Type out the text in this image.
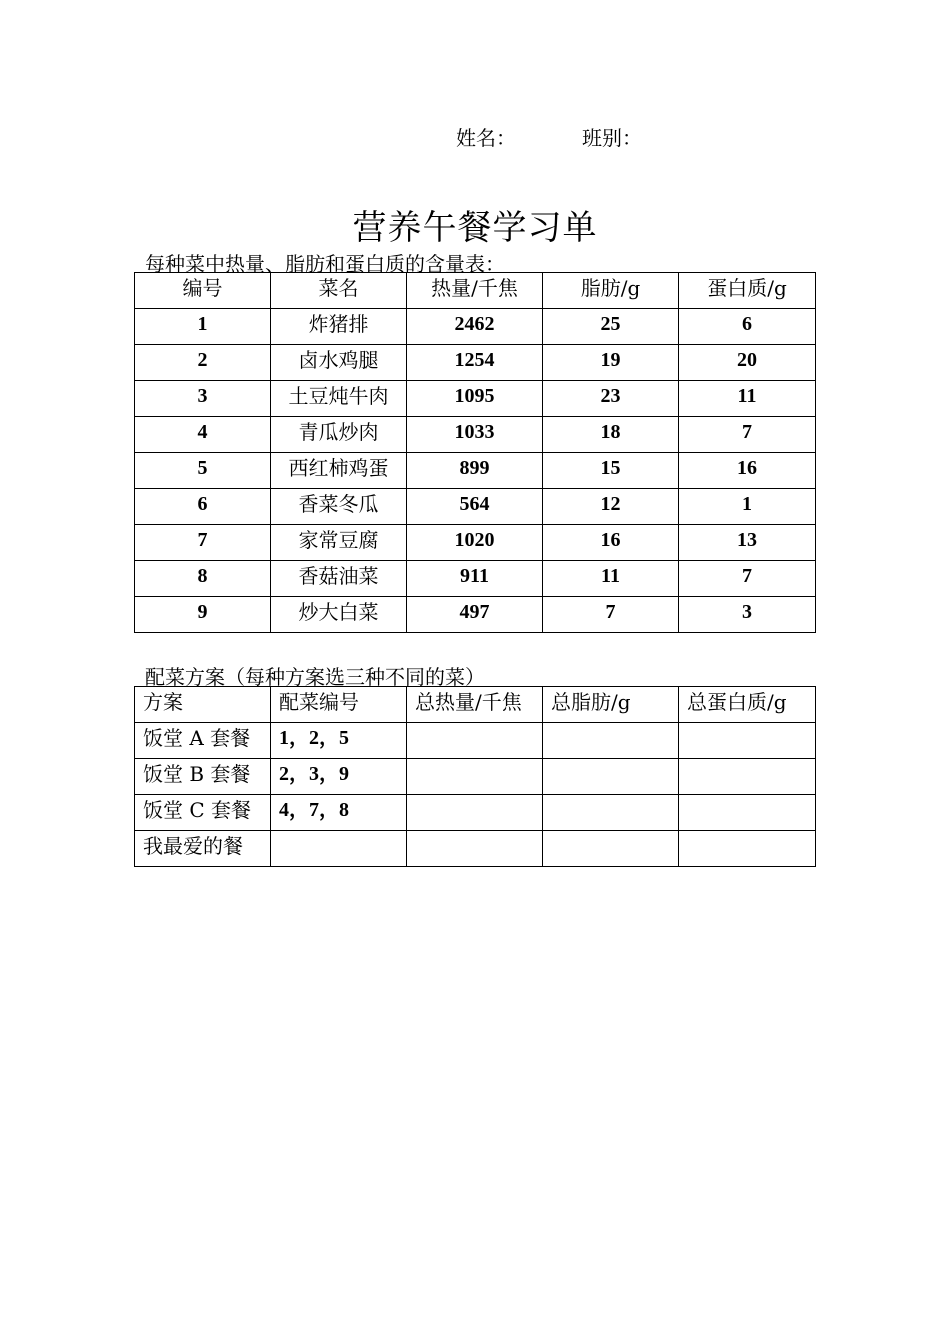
姓名：	班别：
营养午餐学习单
每种菜中热量、脂肪和蛋白质的含量表：
编号	菜名	热量/千焦	脂肪/g	蛋白质/g
1	炸猪排	2462	25	6
2	卤水鸡腿	1254	19	20
3	土豆炖牛肉	1095	23	11
4	青瓜炒肉	1033	18	7
5	西红柿鸡蛋	899	15	16
6	香菜冬瓜	564	12	1
7	家常豆腐	1020	16	13
8	香菇油菜	911	11	7
9	炒大白菜	497	7	3
配菜方案（每种方案选三种不同的菜）
方案	配菜编号	总热量/千焦	总脂肪/g	总蛋白质/g
饭堂 A 套餐	1，2，5			
饭堂 B 套餐	2，3，9			
饭堂 C 套餐	4，7，8			
我最爱的餐				
